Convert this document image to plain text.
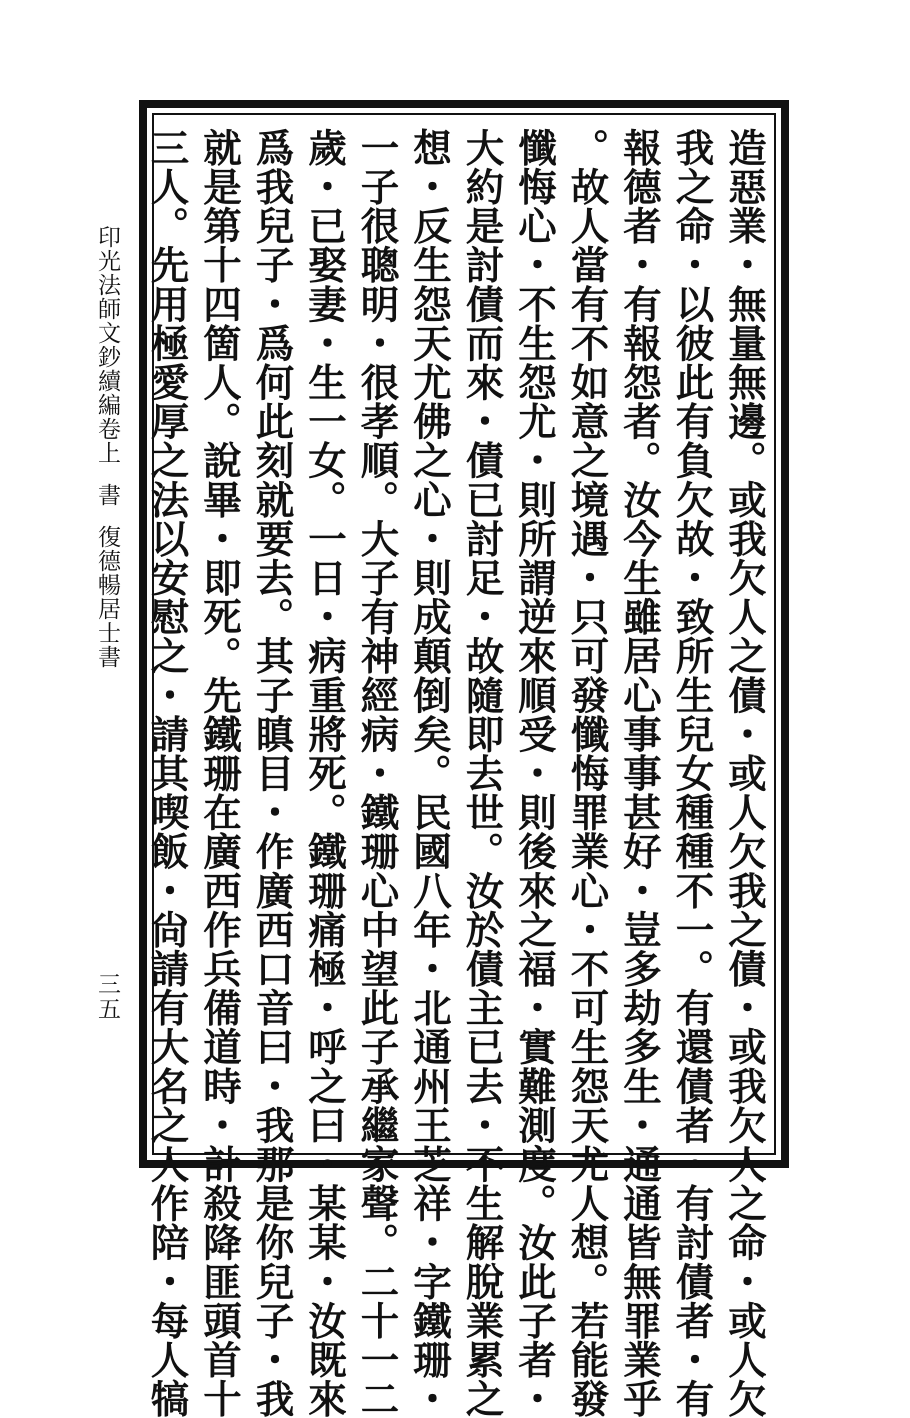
造惡業・無量無邊。或我欠人之債・或人欠我之債・或我欠人之命・或人欠
我之命・以彼此有負欠故・致所生兒女種種不一。有還債者・有討債者・有
報德者・有報怨者。汝今生雖居心事事甚好・豈多劫多生・通通皆無罪業乎
。故人當有不如意之境遇・只可發懺悔罪業心・不可生怨天尤人想。若能發
懺悔心・不生怨尤・則所謂逆來順受・則後來之福・實難測度。汝此子者・
大約是討債而來・債已討足・故隨即去世。汝於債主已去・不生解脫業累之
想・反生怨天尤佛之心・則成顛倒矣。民國八年・北通州王芝祥・字鐵珊・
一子很聰明・很孝順。大子有神經病・鐵珊心中望此子承繼家聲。二十一二
歲・已娶妻・生一女。一日・病重將死。鐵珊痛極・呼之曰・某某・汝既來
爲我兒子・爲何此刻就要去。其子瞋目・作廣西口音曰・我那是你兒子・我
就是第十四箇人。說畢・即死。先鐵珊在廣西作兵備道時・計殺降匪頭首十
三人。先用極愛厚之法以安慰之・請其喫飯・尙請有大名之人作陪・每人犒
印光法師文鈔續編卷上書復德暢居士書
三五
